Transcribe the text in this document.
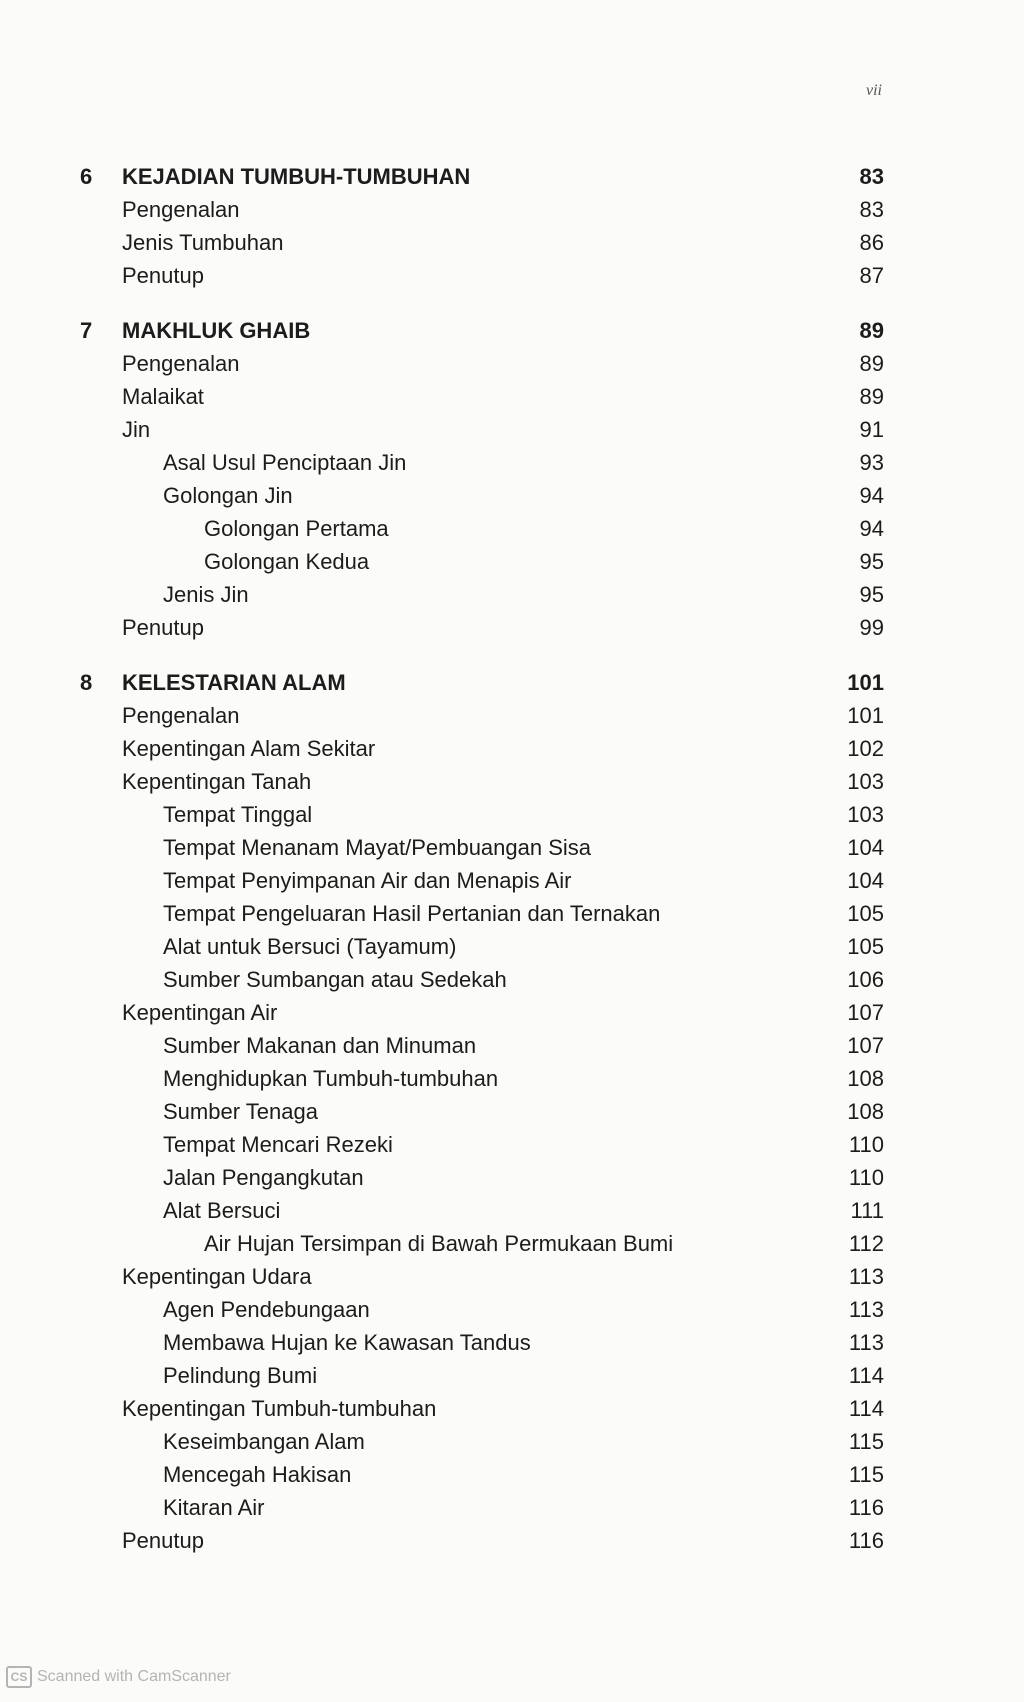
vii
6 KEJADIAN TUMBUH-TUMBUHAN	83
Pengenalan	83
Jenis Tumbuhan	86
Penutup	87
7 MAKHLUK GHAIB	89
Pengenalan	89
Malaikat	89
Jin	91
Asal Usul Penciptaan Jin	93
Golongan Jin	94
Golongan Pertama	94
Golongan Kedua	95
Jenis Jin	95
Penutup	99
8 KELESTARIAN ALAM	101
Pengenalan	101
Kepentingan Alam Sekitar	102
Kepentingan Tanah	103
Tempat Tinggal	103
Tempat Menanam Mayat/Pembuangan Sisa	104
Tempat Penyimpanan Air dan Menapis Air	104
Tempat Pengeluaran Hasil Pertanian dan Ternakan	105
Alat untuk Bersuci (Tayamum)	105
Sumber Sumbangan atau Sedekah	106
Kepentingan Air	107
Sumber Makanan dan Minuman	107
Menghidupkan Tumbuh-tumbuhan	108
Sumber Tenaga	108
Tempat Mencari Rezeki	110
Jalan Pengangkutan	110
Alat Bersuci	111
Air Hujan Tersimpan di Bawah Permukaan Bumi	112
Kepentingan Udara	113
Agen Pendebungaan	113
Membawa Hujan ke Kawasan Tandus	113
Pelindung Bumi	114
Kepentingan Tumbuh-tumbuhan	114
Keseimbangan Alam	115
Mencegah Hakisan	115
Kitaran Air	116
Penutup	116
CS Scanned with CamScanner
